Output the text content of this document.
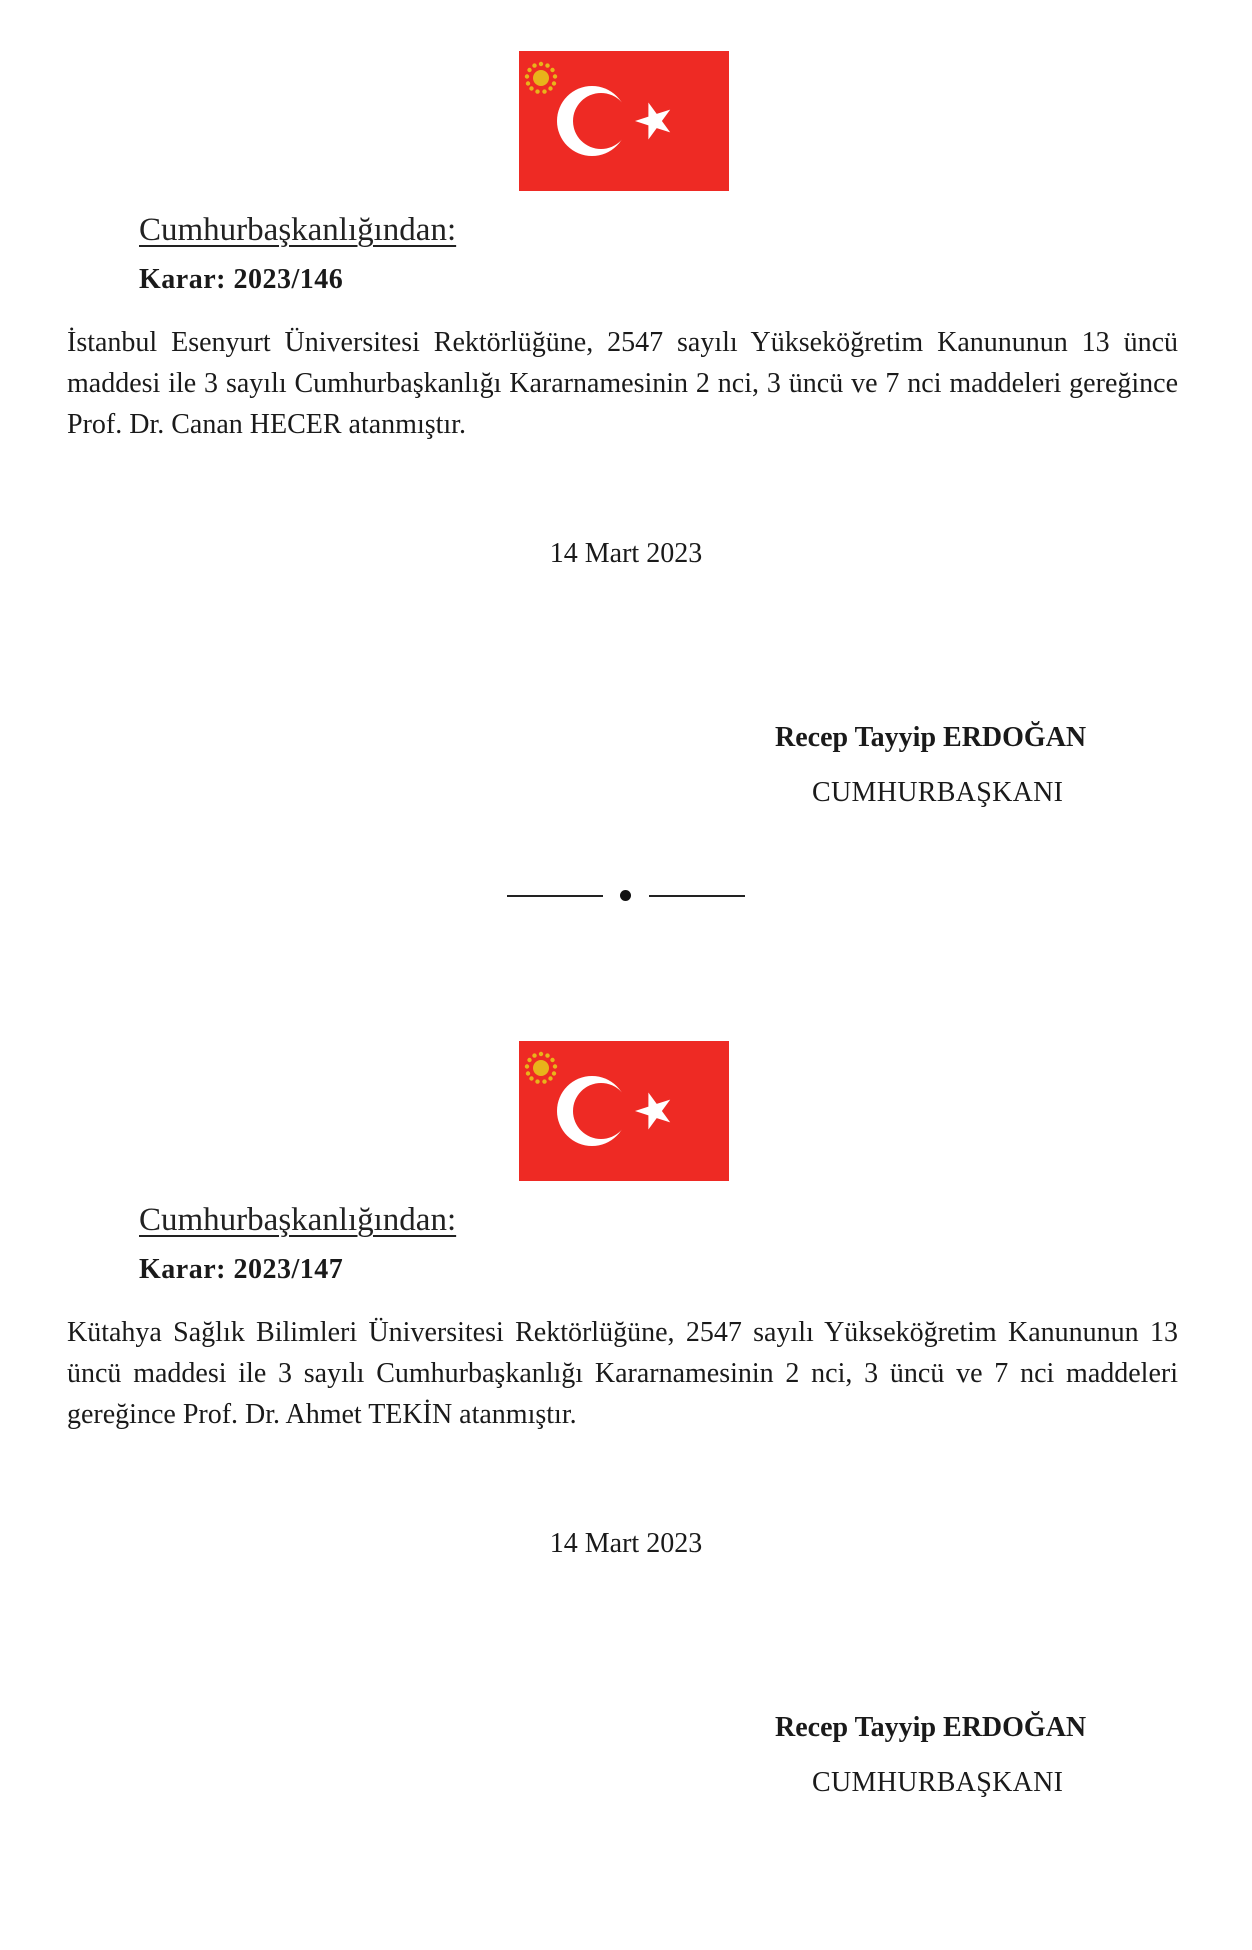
Cumhurbaşkanlığından:
Karar: 2023/146

İstanbul Esenyurt Üniversitesi Rektörlüğüne, 2547 sayılı Yükseköğretim Kanununun 13 üncü maddesi ile 3 sayılı Cumhurbaşkanlığı Kararnamesinin 2 nci, 3 üncü ve 7 nci maddeleri gereğince Prof. Dr. Canan HECER atanmıştır.

14 Mart 2023
Recep Tayyip ERDOĞAN
CUMHURBAŞKANI
Cumhurbaşkanlığından:
Karar: 2023/147

Kütahya Sağlık Bilimleri Üniversitesi Rektörlüğüne, 2547 sayılı Yükseköğretim Kanununun 13 üncü maddesi ile 3 sayılı Cumhurbaşkanlığı Kararnamesinin 2 nci, 3 üncü ve 7 nci maddeleri gereğince Prof. Dr. Ahmet TEKİN atanmıştır.

14 Mart 2023
Recep Tayyip ERDOĞAN
CUMHURBAŞKANI
